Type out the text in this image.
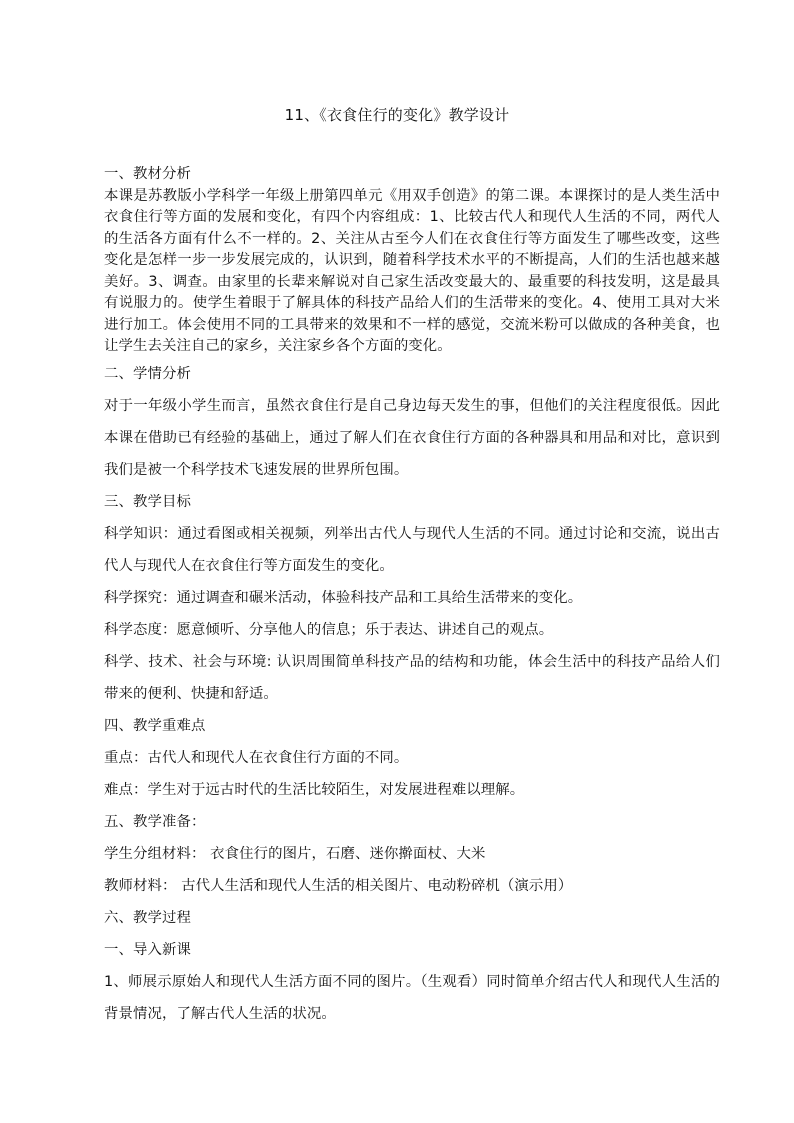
11、《衣食住行的变化》教学设计

一、教材分析

本课是苏教版小学科学一年级上册第四单元《用双手创造》的第二课。本课探讨的是人类生活中衣食住行等方面的发展和变化，有四个内容组成：1、比较古代人和现代人生活的不同，两代人的生活各方面有什么不一样的。2、关注从古至今人们在衣食住行等方面发生了哪些改变，这些变化是怎样一步一步发展完成的，认识到，随着科学技术水平的不断提高，人们的生活也越来越美好。3、调查。由家里的长辈来解说对自己家生活改变最大的、最重要的科技发明，这是最具有说服力的。使学生着眼于了解具体的科技产品给人们的生活带来的变化。4、使用工具对大米进行加工。体会使用不同的工具带来的效果和不一样的感觉，交流米粉可以做成的各种美食，也让学生去关注自己的家乡，关注家乡各个方面的变化。

二、学情分析

对于一年级小学生而言，虽然衣食住行是自己身边每天发生的事，但他们的关注程度很低。因此本课在借助已有经验的基础上，通过了解人们在衣食住行方面的各种器具和用品和对比，意识到我们是被一个科学技术飞速发展的世界所包围。

三、教学目标

科学知识：通过看图或相关视频，列举出古代人与现代人生活的不同。通过讨论和交流，说出古代人与现代人在衣食住行等方面发生的变化。

科学探究：通过调查和碾米活动，体验科技产品和工具给生活带来的变化。

科学态度：愿意倾听、分享他人的信息；乐于表达、讲述自己的观点。

科学、技术、社会与环境: 认识周围简单科技产品的结构和功能，体会生活中的科技产品给人们带来的便利、快捷和舒适。

四、教学重难点

重点：古代人和现代人在衣食住行方面的不同。

难点：学生对于远古时代的生活比较陌生，对发展进程难以理解。

五、教学准备：

学生分组材料： 衣食住行的图片，石磨、迷你擀面杖、大米

教师材料： 古代人生活和现代人生活的相关图片、电动粉碎机（演示用）

六、教学过程

一、导入新课

1、师展示原始人和现代人生活方面不同的图片。（生观看）同时简单介绍古代人和现代人生活的背景情况，了解古代人生活的状况。
